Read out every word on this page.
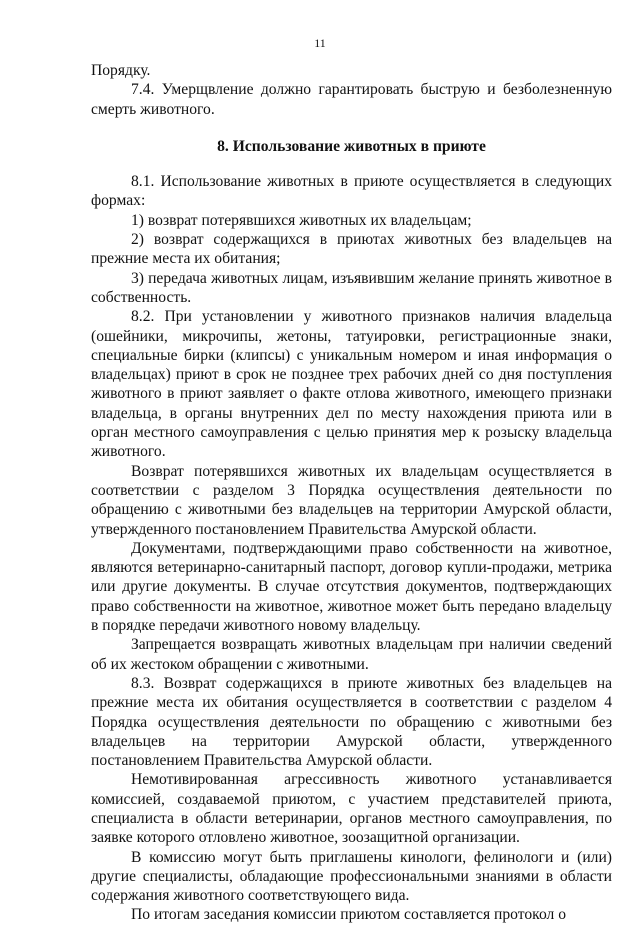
11

Порядку.

7.4. Умерщвление должно гарантировать быструю и безболезненную смерть животного.

8. Использование животных в приюте

8.1. Использование животных в приюте осуществляется в следующих формах:

1) возврат потерявшихся животных их владельцам;

2) возврат содержащихся в приютах животных без владельцев на прежние места их обитания;

3) передача животных лицам, изъявившим желание принять животное в собственность.

8.2. При установлении у животного признаков наличия владельца (ошейники, микрочипы, жетоны, татуировки, регистрационные знаки, специальные бирки (клипсы) с уникальным номером и иная информация о владельцах) приют в срок не позднее трех рабочих дней со дня поступления животного в приют заявляет о факте отлова животного, имеющего признаки владельца, в органы внутренних дел по месту нахождения приюта или в орган местного самоуправления с целью принятия мер к розыску владельца животного.

Возврат потерявшихся животных их владельцам осуществляется в соответствии с разделом 3 Порядка осуществления деятельности по обращению с животными без владельцев на территории Амурской области, утвержденного постановлением Правительства Амурской области.

Документами, подтверждающими право собственности на животное, являются ветеринарно-санитарный паспорт, договор купли-продажи, метрика или другие документы. В случае отсутствия документов, подтверждающих право собственности на животное, животное может быть передано владельцу в порядке передачи животного новому владельцу.

Запрещается возвращать животных владельцам при наличии сведений об их жестоком обращении с животными.

8.3. Возврат содержащихся в приюте животных без владельцев на прежние места их обитания осуществляется в соответствии с разделом 4 Порядка осуществления деятельности по обращению с животными без владельцев на территории Амурской области, утвержденного постановлением Правительства Амурской области.

Немотивированная агрессивность животного устанавливается комиссией, создаваемой приютом, с участием представителей приюта, специалиста в области ветеринарии, органов местного самоуправления, по заявке которого отловлено животное, зоозащитной организации.

В комиссию могут быть приглашены кинологи, фелинологи и (или) другие специалисты, обладающие профессиональными знаниями в области содержания животного соответствующего вида.

По итогам заседания комиссии приютом составляется протокол о
